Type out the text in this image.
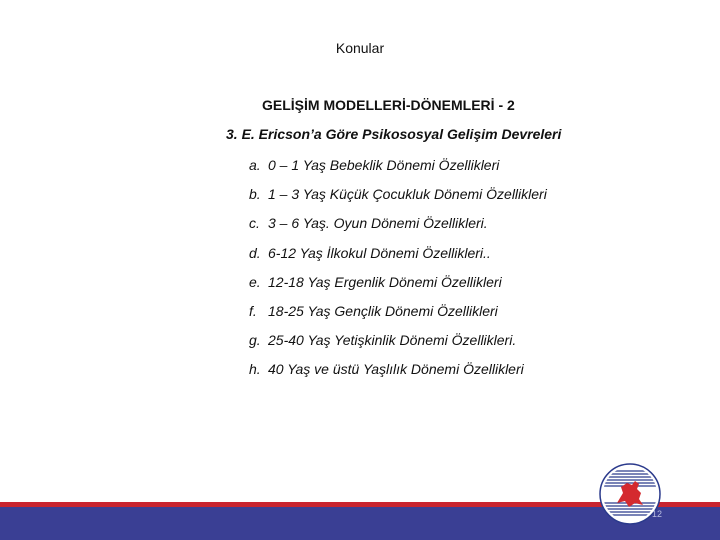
Konular
GELİŞİM MODELLERİ-DÖNEMLERİ - 2
3. E. Ericson’a Göre Psikososyal Gelişim Devreleri
a. 0 – 1 Yaş Bebeklik Dönemi Özellikleri
b. 1 – 3 Yaş Küçük Çocukluk Dönemi Özellikleri
c. 3 – 6 Yaş. Oyun Dönemi Özellikleri.
d. 6-12 Yaş İlkokul Dönemi Özellikleri..
e. 12-18 Yaş Ergenlik Dönemi Özellikleri
f. 18-25 Yaş Gençlik Dönemi Özellikleri
g. 25-40 Yaş Yetişkinlik Dönemi Özellikleri.
h. 40 Yaş ve üstü Yaşlılık Dönemi Özellikleri
12
